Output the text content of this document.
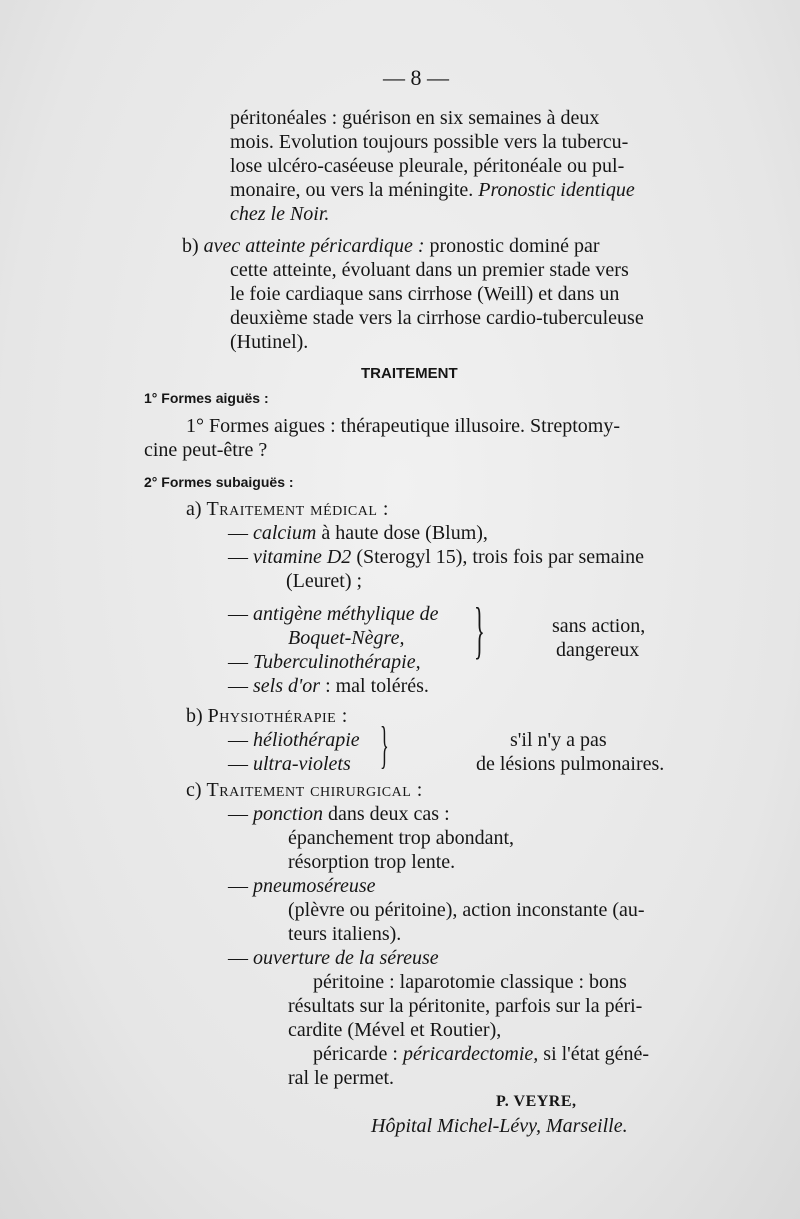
— 8 —
péritonéales : guérison en six semaines à deux
mois. Evolution toujours possible vers la tubercu-
lose ulcéro-caséeuse pleurale, péritonéale ou pul-
monaire, ou vers la méningite. Pronostic identique
chez le Noir.
b) avec atteinte péricardique : pronostic dominé par
cette atteinte, évoluant dans un premier stade vers
le foie cardiaque sans cirrhose (Weill) et dans un
deuxième stade vers la cirrhose cardio-tuberculeuse
(Hutinel).
TRAITEMENT
1° Formes aiguës :
1° Formes aigues : thérapeutique illusoire. Streptomy-
cine peut-être ?
2° Formes subaiguës :
a) Traitement médical :
— calcium à haute dose (Blum),
— vitamine D2 (Sterogyl 15), trois fois par semaine
(Leuret) ;
— antigène méthylique de
Boquet-Nègre,
— Tuberculinothérapie,
— sels d'or : mal tolérés.
}	sans action,
dangereux
b) Physiothérapie :
— héliothérapie
— ultra-violets }	s'il n'y a pas
de lésions pulmonaires.
c) Traitement chirurgical :
— ponction dans deux cas :
épanchement trop abondant,
résorption trop lente.
— pneumoséreuse
(plèvre ou péritoine), action inconstante (au-
teurs italiens).
— ouverture de la séreuse
péritoine : laparotomie classique : bons
résultats sur la péritonite, parfois sur la péri-
cardite (Mével et Routier),
péricarde : péricardectomie, si l'état géné-
ral le permet.
P. VEYRE,
Hôpital Michel-Lévy, Marseille.
